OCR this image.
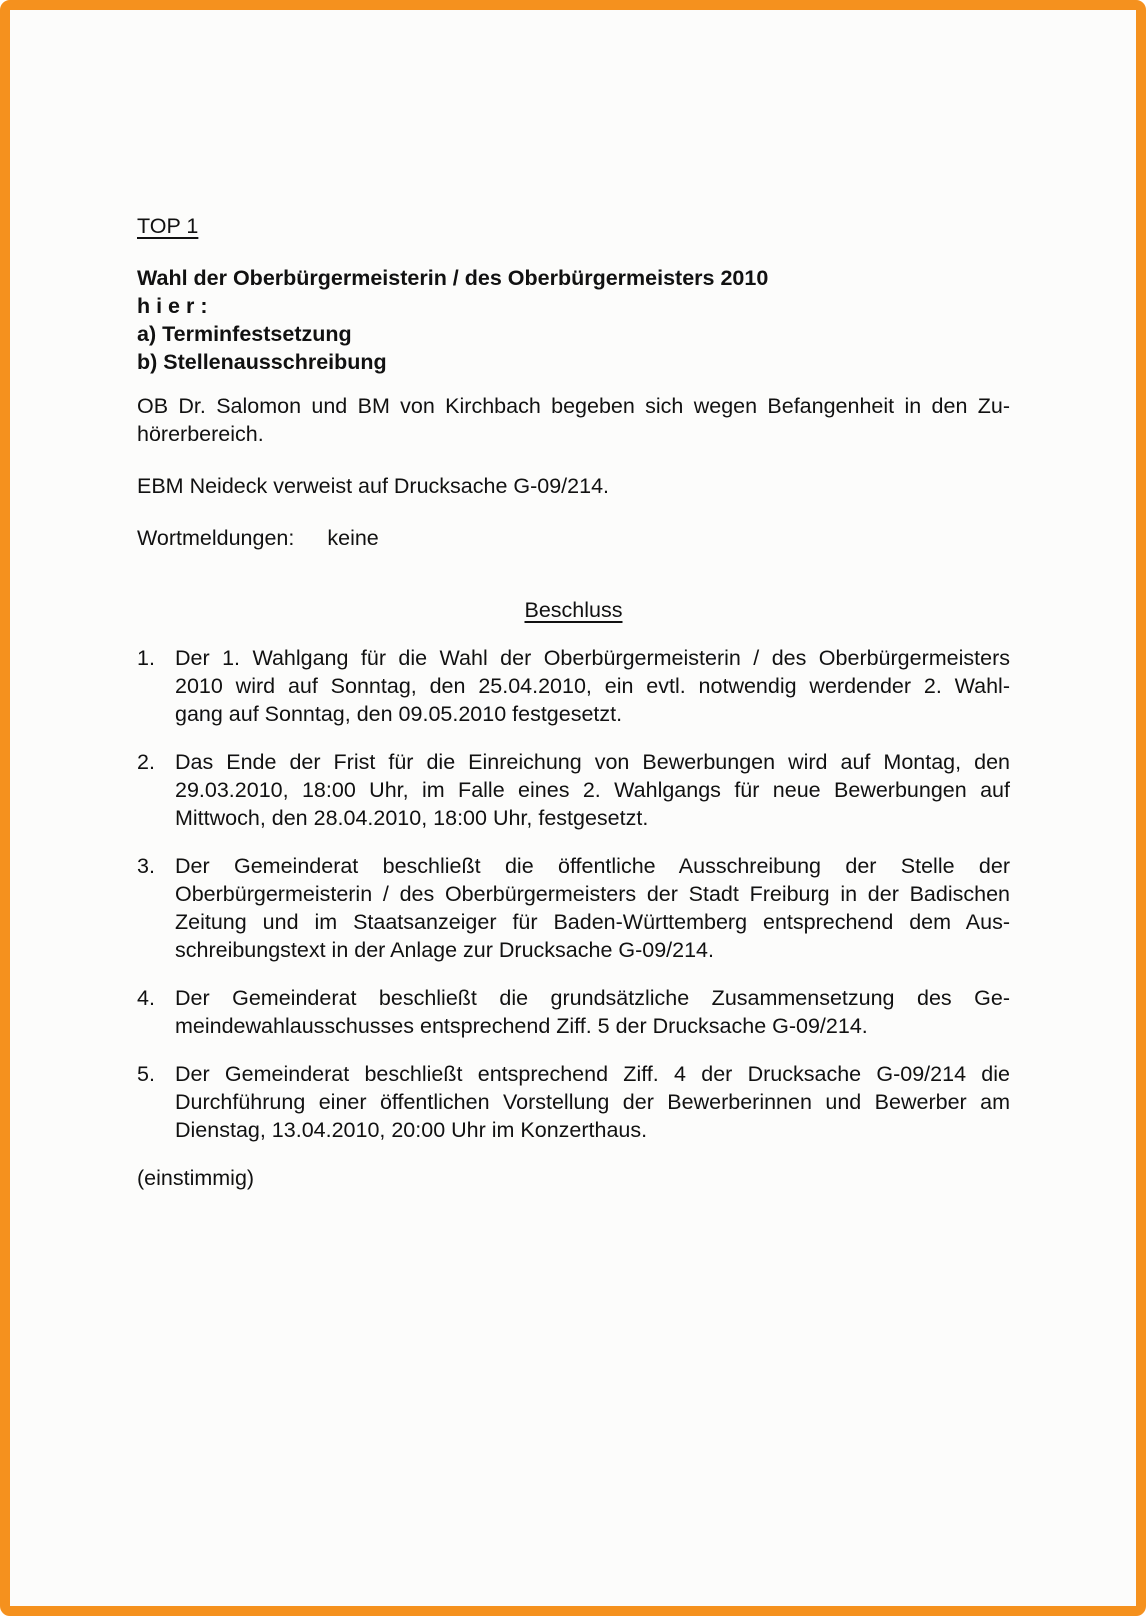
TOP 1
Wahl der Oberbürgermeisterin / des Oberbürgermeisters 2010
h i e r :
a) Terminfestsetzung
b) Stellenausschreibung
OB Dr. Salomon und BM von Kirchbach begeben sich wegen Befangenheit in den Zu-
hörerbereich.
EBM Neideck verweist auf Drucksache G-09/214.
Wortmeldungen: keine
Beschluss
1. Der 1. Wahlgang für die Wahl der Oberbürgermeisterin / des Oberbürgermeisters
2010 wird auf Sonntag, den 25.04.2010, ein evtl. notwendig werdender 2. Wahl-
gang auf Sonntag, den 09.05.2010 festgesetzt.
2. Das Ende der Frist für die Einreichung von Bewerbungen wird auf Montag, den
29.03.2010, 18:00 Uhr, im Falle eines 2. Wahlgangs für neue Bewerbungen auf
Mittwoch, den 28.04.2010, 18:00 Uhr, festgesetzt.
3. Der Gemeinderat beschließt die öffentliche Ausschreibung der Stelle der
Oberbürgermeisterin / des Oberbürgermeisters der Stadt Freiburg in der Badischen
Zeitung und im Staatsanzeiger für Baden-Württemberg entsprechend dem Aus-
schreibungstext in der Anlage zur Drucksache G-09/214.
4. Der Gemeinderat beschließt die grundsätzliche Zusammensetzung des Ge-
meindewahlausschusses entsprechend Ziff. 5 der Drucksache G-09/214.
5. Der Gemeinderat beschließt entsprechend Ziff. 4 der Drucksache G-09/214 die
Durchführung einer öffentlichen Vorstellung der Bewerberinnen und Bewerber am
Dienstag, 13.04.2010, 20:00 Uhr im Konzerthaus.
(einstimmig)
